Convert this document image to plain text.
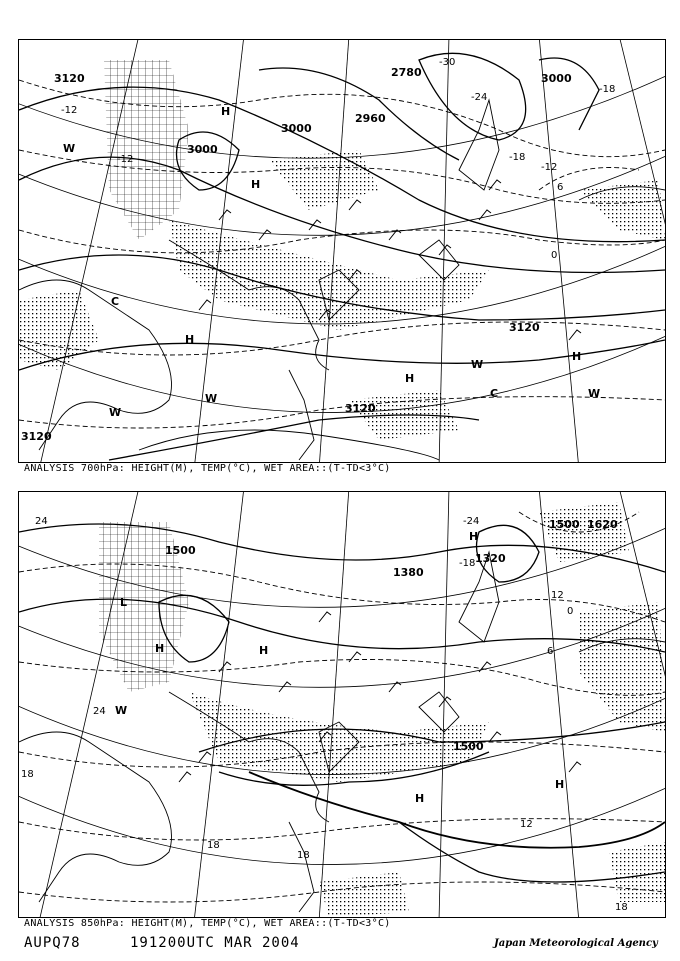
3120
3000
3000
2960
2780	3000
3120
3120
3120
-12
-12	-18
-12
-18
-30
-24
0
6
H
H
H
H
H
C
C
W
W
W
W
W
ANALYSIS 700hPa: HEIGHT(M), TEMP(°C), WET AREA::(T-TD<3°C)
1500
1380
1320
1500 1620
1500
24
24
18
18
18
18
12
12
-24
-18
6
0
H	H
H
H
H
L
W
ANALYSIS 850hPa: HEIGHT(M), TEMP(°C), WET AREA::(T-TD<3°C)
AUPQ78	191200UTC MAR 2004	Japan Meteorological Agency
